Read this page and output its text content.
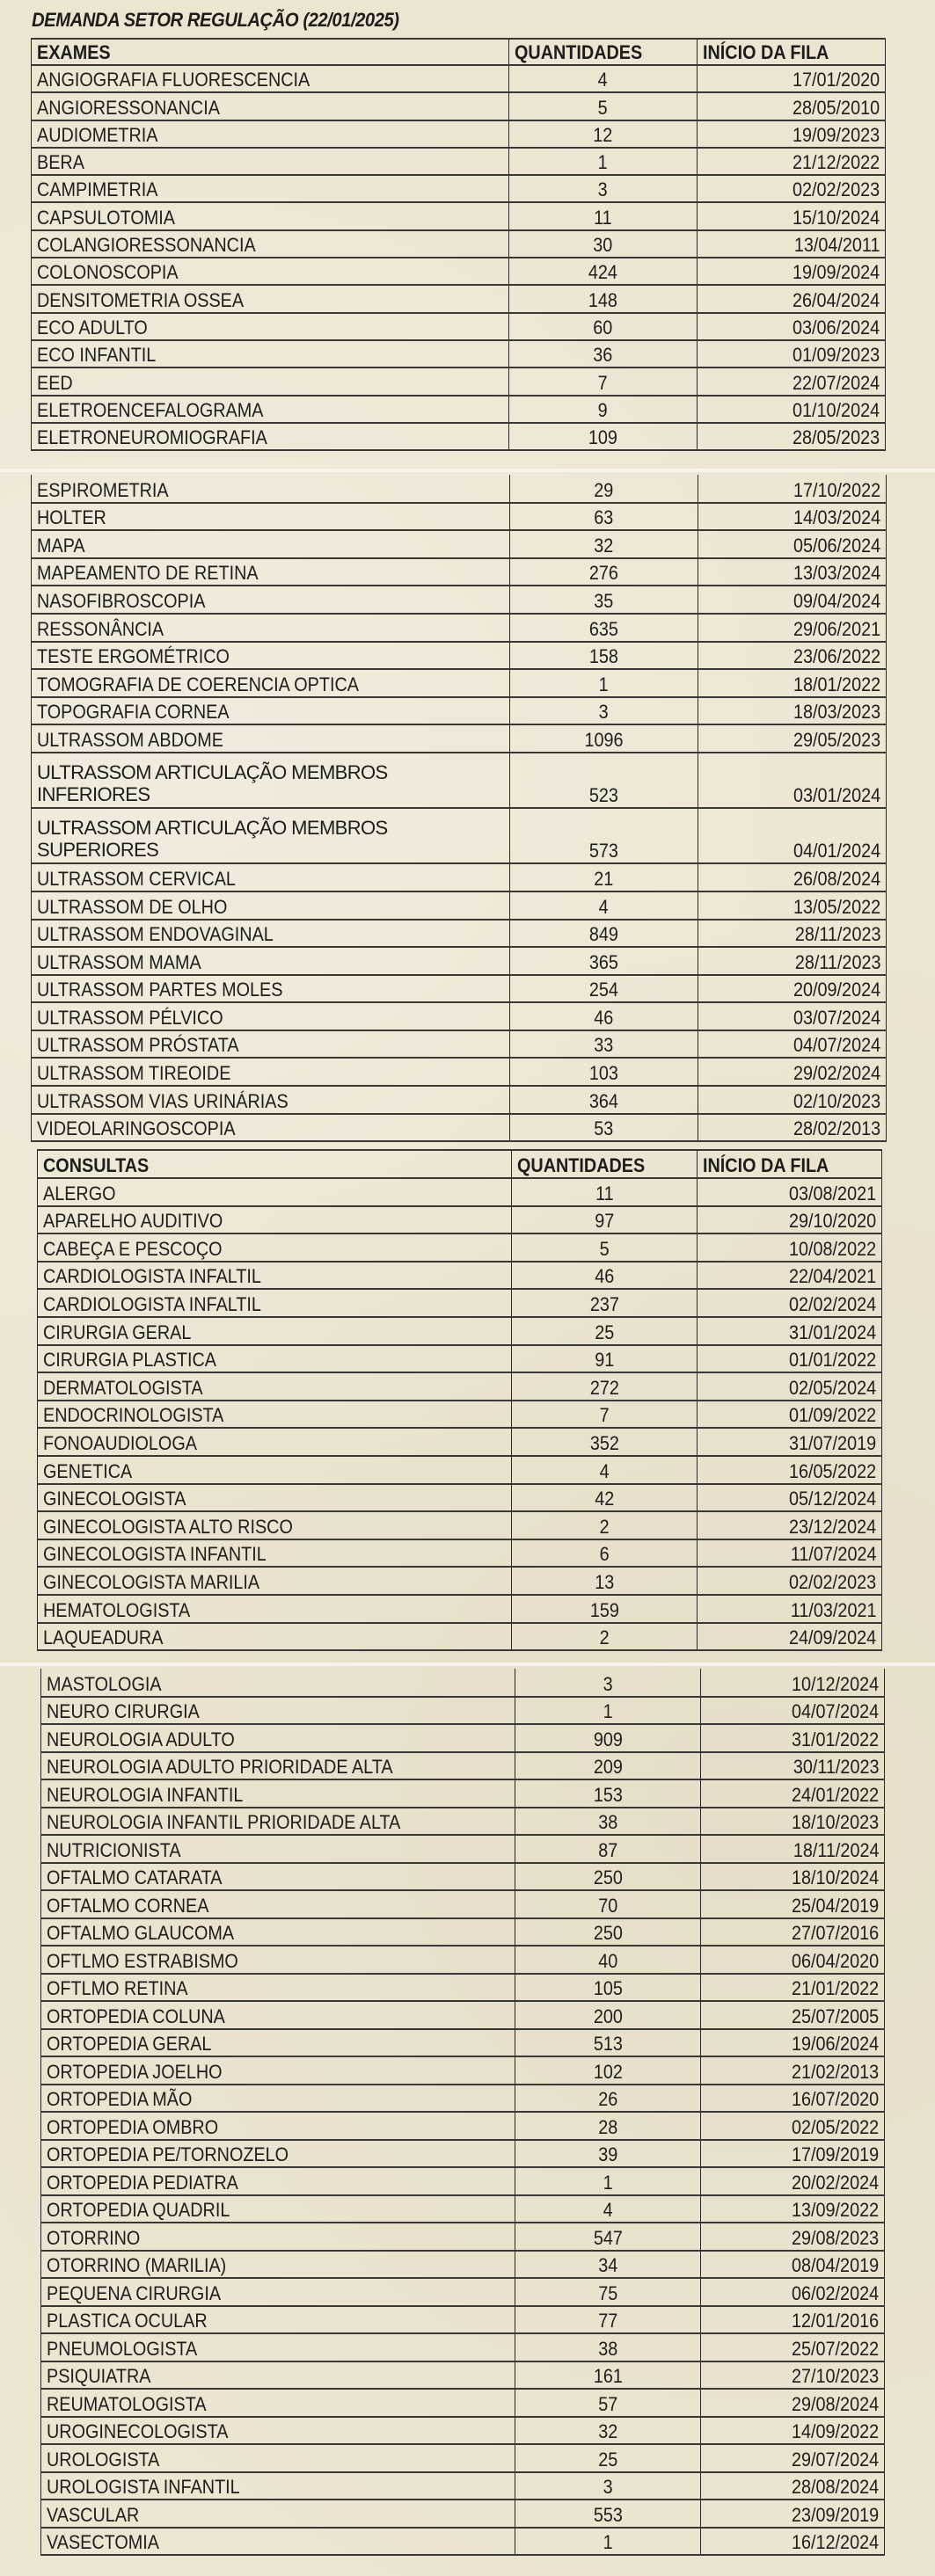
DEMANDA SETOR REGULAÇÃO (22/01/2025)
EXAMES	QUANTIDADES	INÍCIO DA FILA
ANGIOGRAFIA FLUORESCENCIA	4	17/01/2020
ANGIORESSONANCIA	5	28/05/2010
AUDIOMETRIA	12	19/09/2023
BERA	1	21/12/2022
CAMPIMETRIA	3	02/02/2023
CAPSULOTOMIA	11	15/10/2024
COLANGIORESSONANCIA	30	13/04/2011
COLONOSCOPIA	424	19/09/2024
DENSITOMETRIA OSSEA	148	26/04/2024
ECO ADULTO	60	03/06/2024
ECO INFANTIL	36	01/09/2023
EED	7	22/07/2024
ELETROENCEFALOGRAMA	9	01/10/2024
ELETRONEUROMIOGRAFIA	109	28/05/2023
ESPIROMETRIA	29	17/10/2022
HOLTER	63	14/03/2024
MAPA	32	05/06/2024
MAPEAMENTO DE RETINA	276	13/03/2024
NASOFIBROSCOPIA	35	09/04/2024
RESSONÂNCIA	635	29/06/2021
TESTE ERGOMÉTRICO	158	23/06/2022
TOMOGRAFIA DE COERENCIA OPTICA	1	18/01/2022
TOPOGRAFIA CORNEA	3	18/03/2023
ULTRASSOM ABDOME	1096	29/05/2023
ULTRASSOM ARTICULAÇÃO MEMBROS INFERIORES	523	03/01/2024
ULTRASSOM ARTICULAÇÃO MEMBROS SUPERIORES	573	04/01/2024
ULTRASSOM CERVICAL	21	26/08/2024
ULTRASSOM DE OLHO	4	13/05/2022
ULTRASSOM ENDOVAGINAL	849	28/11/2023
ULTRASSOM MAMA	365	28/11/2023
ULTRASSOM PARTES MOLES	254	20/09/2024
ULTRASSOM PÉLVICO	46	03/07/2024
ULTRASSOM PRÓSTATA	33	04/07/2024
ULTRASSOM TIREOIDE	103	29/02/2024
ULTRASSOM VIAS URINÁRIAS	364	02/10/2023
VIDEOLARINGOSCOPIA	53	28/02/2013
CONSULTAS	QUANTIDADES	INÍCIO DA FILA
ALERGO	11	03/08/2021
APARELHO AUDITIVO	97	29/10/2020
CABEÇA E PESCOÇO	5	10/08/2022
CARDIOLOGISTA INFALTIL	46	22/04/2021
CARDIOLOGISTA INFALTIL	237	02/02/2024
CIRURGIA GERAL	25	31/01/2024
CIRURGIA PLASTICA	91	01/01/2022
DERMATOLOGISTA	272	02/05/2024
ENDOCRINOLOGISTA	7	01/09/2022
FONOAUDIOLOGA	352	31/07/2019
GENETICA	4	16/05/2022
GINECOLOGISTA	42	05/12/2024
GINECOLOGISTA ALTO RISCO	2	23/12/2024
GINECOLOGISTA INFANTIL	6	11/07/2024
GINECOLOGISTA MARILIA	13	02/02/2023
HEMATOLOGISTA	159	11/03/2021
LAQUEADURA	2	24/09/2024
MASTOLOGIA	3	10/12/2024
NEURO CIRURGIA	1	04/07/2024
NEUROLOGIA ADULTO	909	31/01/2022
NEUROLOGIA ADULTO PRIORIDADE ALTA	209	30/11/2023
NEUROLOGIA INFANTIL	153	24/01/2022
NEUROLOGIA INFANTIL PRIORIDADE ALTA	38	18/10/2023
NUTRICIONISTA	87	18/11/2024
OFTALMO CATARATA	250	18/10/2024
OFTALMO CORNEA	70	25/04/2019
OFTALMO GLAUCOMA	250	27/07/2016
OFTLMO ESTRABISMO	40	06/04/2020
OFTLMO RETINA	105	21/01/2022
ORTOPEDIA COLUNA	200	25/07/2005
ORTOPEDIA GERAL	513	19/06/2024
ORTOPEDIA JOELHO	102	21/02/2013
ORTOPEDIA MÃO	26	16/07/2020
ORTOPEDIA OMBRO	28	02/05/2022
ORTOPEDIA PE/TORNOZELO	39	17/09/2019
ORTOPEDIA PEDIATRA	1	20/02/2024
ORTOPEDIA QUADRIL	4	13/09/2022
OTORRINO	547	29/08/2023
OTORRINO (MARILIA)	34	08/04/2019
PEQUENA CIRURGIA	75	06/02/2024
PLASTICA OCULAR	77	12/01/2016
PNEUMOLOGISTA	38	25/07/2022
PSIQUIATRA	161	27/10/2023
REUMATOLOGISTA	57	29/08/2024
UROGINECOLOGISTA	32	14/09/2022
UROLOGISTA	25	29/07/2024
UROLOGISTA INFANTIL	3	28/08/2024
VASCULAR	553	23/09/2019
VASECTOMIA	1	16/12/2024
